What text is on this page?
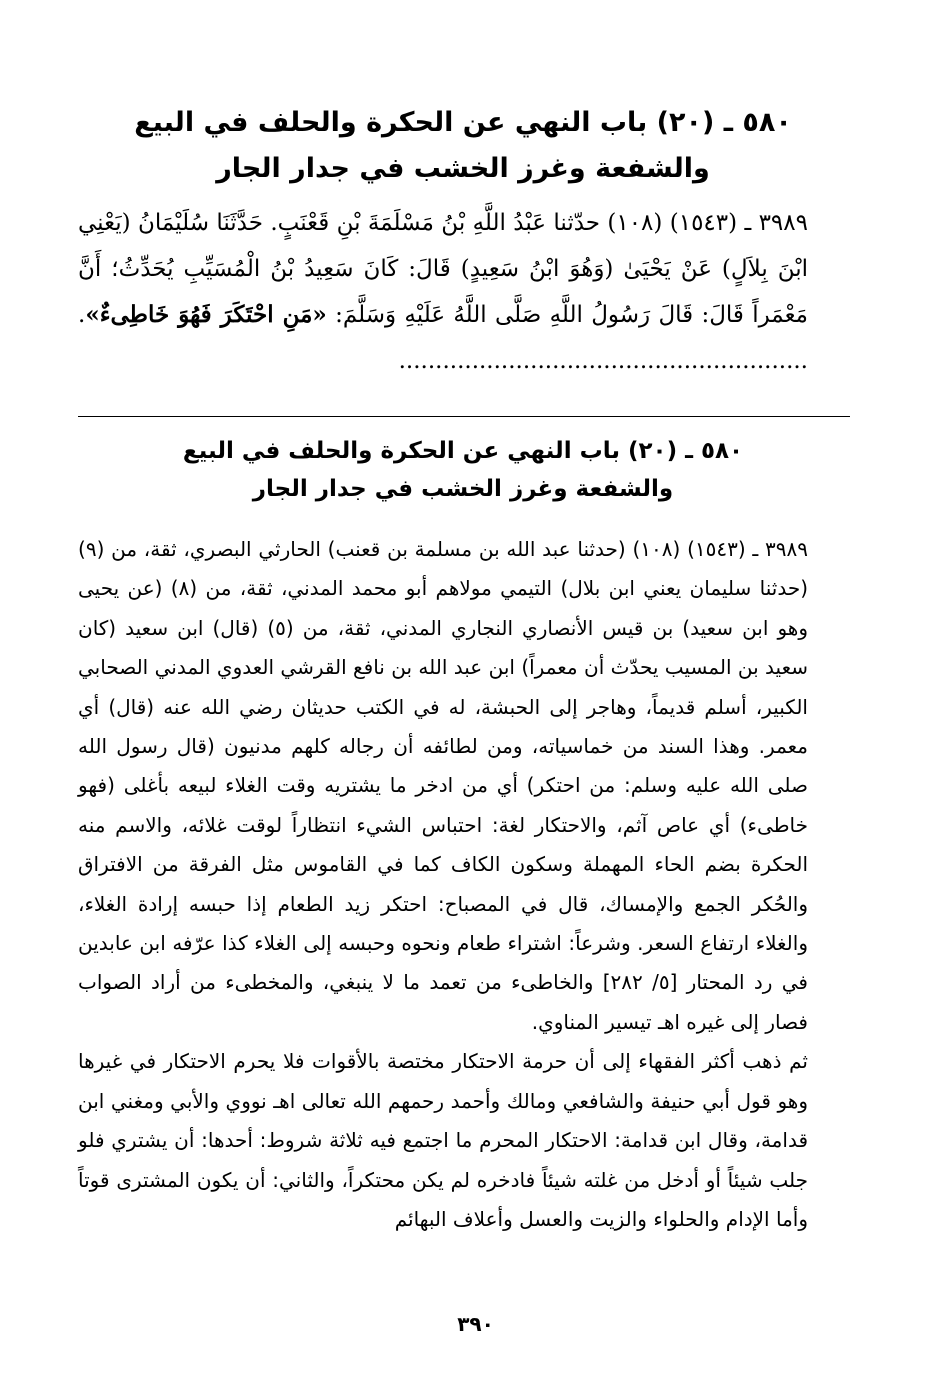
٥٨٠ ـ (٢٠) باب النهي عن الحكرة والحلف في البيع
والشفعة وغرز الخشب في جدار الجار

٣٩٨٩ ـ (١٥٤٣) (١٠٨) حدّثنا عَبْدُ اللَّهِ بْنُ مَسْلَمَةَ بْنِ قَعْنَبٍ. حَدَّثَنَا سُلَيْمَانُ (يَعْنِي ابْنَ بِلاَلٍ) عَنْ يَحْيَىٰ (وَهُوَ ابْنُ سَعِيدٍ) قَالَ: كَانَ سَعِيدُ بْنُ الْمُسَيِّبِ يُحَدِّثُ؛ أَنَّ مَعْمَراً قَالَ: قَالَ رَسُولُ اللَّهِ صَلَّى اللَّهُ عَلَيْهِ وَسَلَّمَ: «مَنِ احْتَكَرَ فَهُوَ خَاطِىءٌ». ........................................................

٥٨٠ ـ (٢٠) باب النهي عن الحكرة والحلف في البيع
والشفعة وغرز الخشب في جدار الجار

٣٩٨٩ ـ (١٥٤٣) (١٠٨) (حدثنا عبد الله بن مسلمة بن قعنب) الحارثي البصري، ثقة، من (٩) (حدثنا سليمان يعني ابن بلال) التيمي مولاهم أبو محمد المدني، ثقة، من (٨) (عن يحيى وهو ابن سعيد) بن قيس الأنصاري النجاري المدني، ثقة، من (٥) (قال) ابن سعيد (كان سعيد بن المسيب يحدّث أن معمراً) ابن عبد الله بن نافع القرشي العدوي المدني الصحابي الكبير، أسلم قديماً، وهاجر إلى الحبشة، له في الكتب حديثان رضي الله عنه (قال) أي معمر. وهذا السند من خماسياته، ومن لطائفه أن رجاله كلهم مدنيون (قال رسول الله صلى الله عليه وسلم: من احتكر) أي من ادخر ما يشتريه وقت الغلاء لبيعه بأغلى (فهو خاطىء) أي عاص آثم، والاحتكار لغة: احتباس الشيء انتظاراً لوقت غلائه، والاسم منه الحكرة بضم الحاء المهملة وسكون الكاف كما في القاموس مثل الفرقة من الافتراق والحُكر الجمع والإمساك، قال في المصباح: احتكر زيد الطعام إذا حبسه إرادة الغلاء، والغلاء ارتفاع السعر. وشرعاً: اشتراء طعام ونحوه وحبسه إلى الغلاء كذا عرّفه ابن عابدين في رد المحتار [٥/ ٢٨٢] والخاطىء من تعمد ما لا ينبغي، والمخطىء من أراد الصواب فصار إلى غيره اهـ تيسير المناوي.

ثم ذهب أكثر الفقهاء إلى أن حرمة الاحتكار مختصة بالأقوات فلا يحرم الاحتكار في غيرها وهو قول أبي حنيفة والشافعي ومالك وأحمد رحمهم الله تعالى اهـ نووي والأبي ومغني ابن قدامة، وقال ابن قدامة: الاحتكار المحرم ما اجتمع فيه ثلاثة شروط: أحدها: أن يشتري فلو جلب شيئاً أو أدخل من غلته شيئاً فادخره لم يكن محتكراً، والثاني: أن يكون المشترى قوتاً وأما الإدام والحلواء والزيت والعسل وأعلاف البهائم

٣٩٠
